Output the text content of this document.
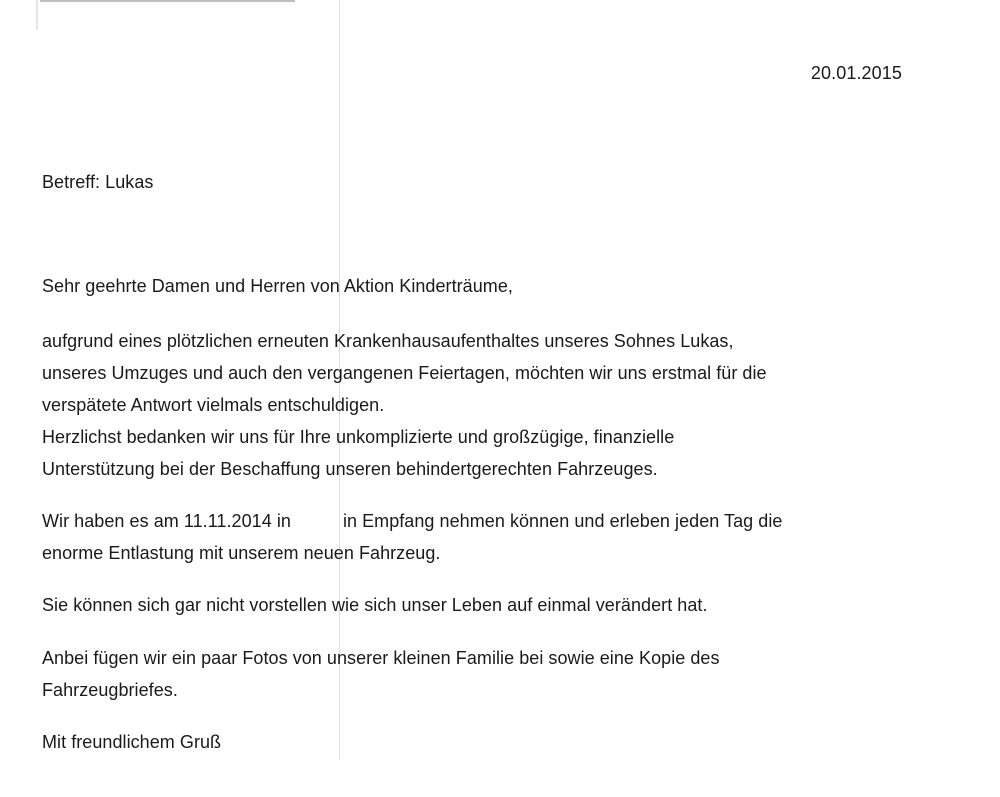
20.01.2015
Betreff: Lukas
Sehr geehrte Damen und Herren von Aktion Kinderträume,
aufgrund eines plötzlichen erneuten Krankenhausaufenthaltes unseres Sohnes Lukas,
unseres Umzuges und auch den vergangenen Feiertagen, möchten wir uns erstmal für die
verspätete Antwort vielmals entschuldigen.
Herzlichst bedanken wir uns für Ihre unkomplizierte und großzügige, finanzielle
Unterstützung bei der Beschaffung unseren behindertgerechten Fahrzeuges.
Wir haben es am 11.11.2014 in	in Empfang nehmen können und erleben jeden Tag die
enorme Entlastung mit unserem neuen Fahrzeug.
Sie können sich gar nicht vorstellen wie sich unser Leben auf einmal verändert hat.
Anbei fügen wir ein paar Fotos von unserer kleinen Familie bei sowie eine Kopie des
Fahrzeugbriefes.
Mit freundlichem Gruß
